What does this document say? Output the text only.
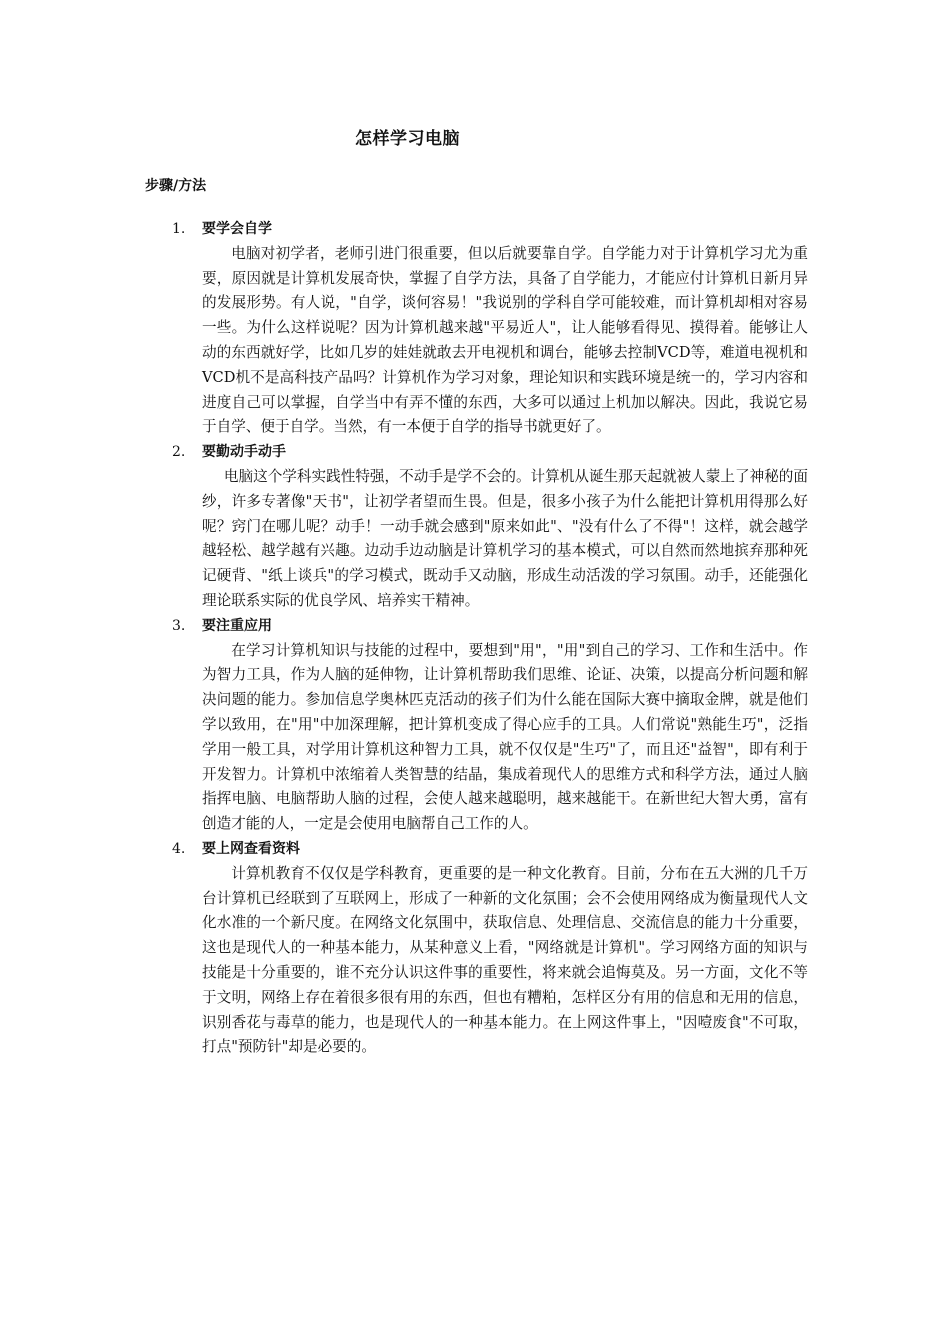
怎样学习电脑
步骤/方法
1.	要学会自学
电脑对初学者，老师引进门很重要，但以后就要靠自学。自学能力对于计算机学习尤为重要，原因就是计算机发展奇快，掌握了自学方法，具备了自学能力，才能应付计算机日新月异的发展形势。有人说，"自学，谈何容易！"我说别的学科自学可能较难，而计算机却相对容易一些。为什么这样说呢？因为计算机越来越"平易近人"，让人能够看得见、摸得着。能够让人动的东西就好学，比如几岁的娃娃就敢去开电视机和调台，能够去控制VCD等，难道电视机和VCD机不是高科技产品吗？计算机作为学习对象，理论知识和实践环境是统一的，学习内容和进度自己可以掌握，自学当中有弄不懂的东西，大多可以通过上机加以解决。因此，我说它易于自学、便于自学。当然，有一本便于自学的指导书就更好了。
2.	要勤动手动手
电脑这个学科实践性特强，不动手是学不会的。计算机从诞生那天起就被人蒙上了神秘的面纱，许多专著像"天书"，让初学者望而生畏。但是，很多小孩子为什么能把计算机用得那么好呢？窍门在哪儿呢？动手！一动手就会感到"原来如此"、"没有什么了不得"！这样，就会越学越轻松、越学越有兴趣。边动手边动脑是计算机学习的基本模式，可以自然而然地摈弃那种死记硬背、"纸上谈兵"的学习模式，既动手又动脑，形成生动活泼的学习氛围。动手，还能强化理论联系实际的优良学风、培养实干精神。
3.	要注重应用
在学习计算机知识与技能的过程中，要想到"用"，"用"到自己的学习、工作和生活中。作为智力工具，作为人脑的延伸物，让计算机帮助我们思维、论证、决策，以提高分析问题和解决问题的能力。参加信息学奥林匹克活动的孩子们为什么能在国际大赛中摘取金牌，就是他们学以致用，在"用"中加深理解，把计算机变成了得心应手的工具。人们常说"熟能生巧"，泛指学用一般工具，对学用计算机这种智力工具，就不仅仅是"生巧"了，而且还"益智"，即有利于开发智力。计算机中浓缩着人类智慧的结晶，集成着现代人的思维方式和科学方法，通过人脑指挥电脑、电脑帮助人脑的过程，会使人越来越聪明，越来越能干。在新世纪大智大勇，富有创造才能的人，一定是会使用电脑帮自己工作的人。
4.	要上网查看资料
计算机教育不仅仅是学科教育，更重要的是一种文化教育。目前，分布在五大洲的几千万台计算机已经联到了互联网上，形成了一种新的文化氛围；会不会使用网络成为衡量现代人文化水准的一个新尺度。在网络文化氛围中，获取信息、处理信息、交流信息的能力十分重要，这也是现代人的一种基本能力，从某种意义上看，"网络就是计算机"。学习网络方面的知识与技能是十分重要的，谁不充分认识这件事的重要性，将来就会追悔莫及。另一方面，文化不等于文明，网络上存在着很多很有用的东西，但也有糟粕，怎样区分有用的信息和无用的信息，识别香花与毒草的能力，也是现代人的一种基本能力。在上网这件事上，"因噎废食"不可取，打点"预防针"却是必要的。
